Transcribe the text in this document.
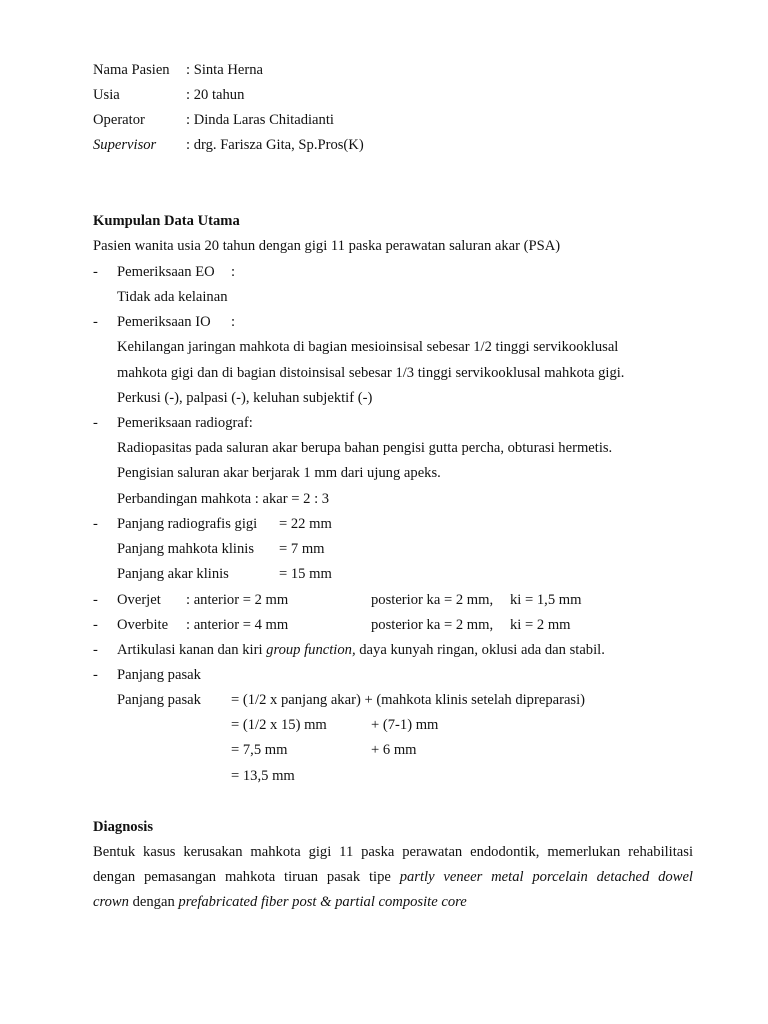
Nama Pasien : Sinta Herna
Usia	: 20 tahun
Operator	: Dinda Laras Chitadianti
Supervisor : drg. Farisza Gita, Sp.Pros(K)
Kumpulan Data Utama
Pasien wanita usia 20 tahun dengan gigi 11 paska perawatan saluran akar (PSA)
- Pemeriksaan EO :
Tidak ada kelainan
- Pemeriksaan IO :
Kehilangan jaringan mahkota di bagian mesioinsisal sebesar 1/2 tinggi servikooklusal
mahkota gigi dan di bagian distoinsisal sebesar 1/3 tinggi servikooklusal mahkota gigi.
Perkusi (-), palpasi (-), keluhan subjektif (-)
- Pemeriksaan radiograf:
Radiopasitas pada saluran akar berupa bahan pengisi gutta percha, obturasi hermetis.
Pengisian saluran akar berjarak 1 mm dari ujung apeks.
Perbandingan mahkota : akar = 2 : 3
- Panjang radiografis gigi = 22 mm
Panjang mahkota klinis = 7 mm
Panjang akar klinis	= 15 mm
- Overjet : anterior = 2 mm	posterior ka = 2 mm, ki = 1,5 mm
- Overbite : anterior = 4 mm	posterior ka = 2 mm, ki = 2 mm
- Artikulasi kanan dan kiri group function, daya kunyah ringan, oklusi ada dan stabil.
- Panjang pasak
Panjang pasak = (1/2 x panjang akar) + (mahkota klinis setelah dipreparasi)
= (1/2 x 15) mm	+ (7-1) mm
= 7,5 mm	+ 6 mm
= 13,5 mm
Diagnosis
Bentuk kasus kerusakan mahkota gigi 11 paska perawatan endodontik, memerlukan rehabilitasi
dengan pemasangan mahkota tiruan pasak tipe partly veneer metal porcelain detached dowel
crown dengan prefabricated fiber post & partial composite core
